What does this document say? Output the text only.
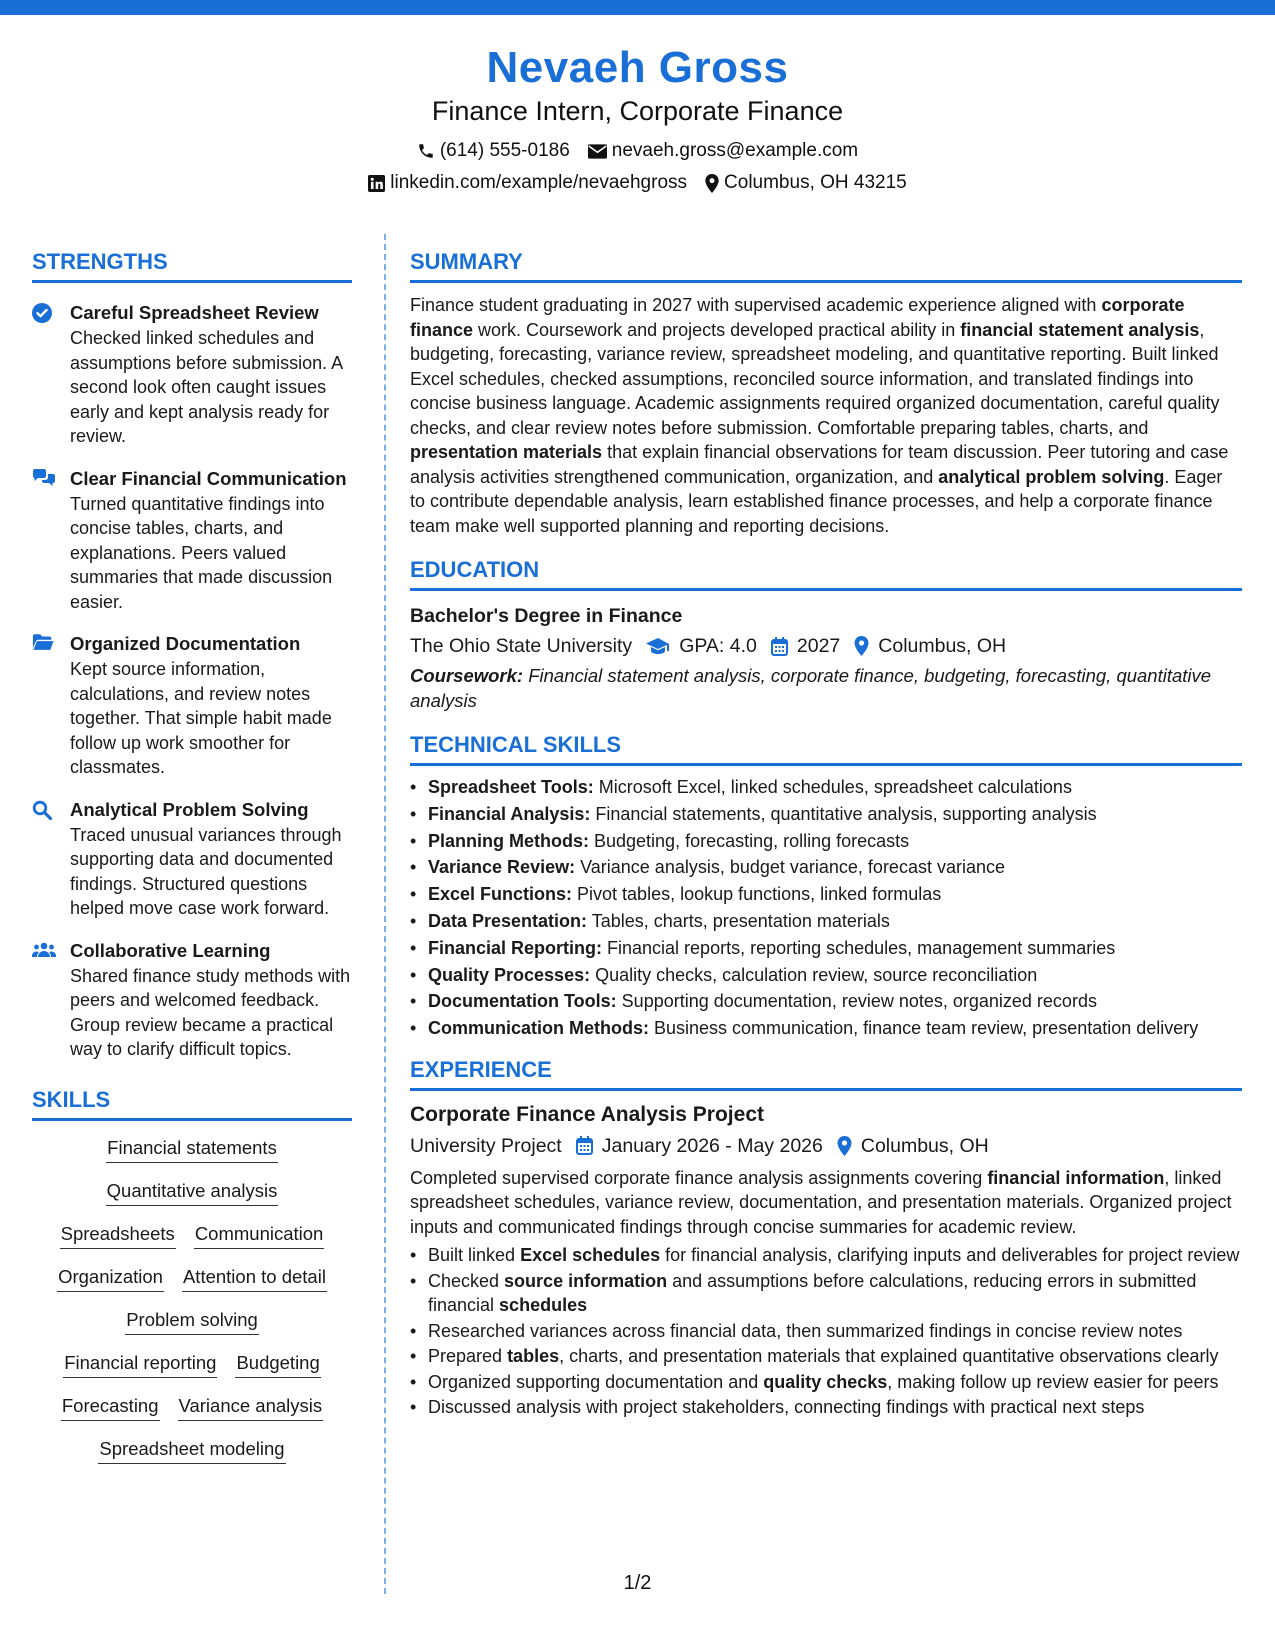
Nevaeh Gross
Finance Intern, Corporate Finance
(614) 555-0186 nevaeh.gross@example.com
linkedin.com/example/nevaehgross Columbus, OH 43215
STRENGTHS
Careful Spreadsheet Review
Checked linked schedules and assumptions before submission. A second look often caught issues early and kept analysis ready for review.
Clear Financial Communication
Turned quantitative findings into concise tables, charts, and explanations. Peers valued summaries that made discussion easier.
Organized Documentation
Kept source information, calculations, and review notes together. That simple habit made follow up work smoother for classmates.
Analytical Problem Solving
Traced unusual variances through supporting data and documented findings. Structured questions helped move case work forward.
Collaborative Learning
Shared finance study methods with peers and welcomed feedback. Group review became a practical way to clarify difficult topics.
SKILLS
Financial statements
Quantitative analysis
Spreadsheets Communication
Organization Attention to detail
Problem solving
Financial reporting Budgeting
Forecasting Variance analysis
Spreadsheet modeling
SUMMARY
Finance student graduating in 2027 with supervised academic experience aligned with corporate finance work. Coursework and projects developed practical ability in financial statement analysis, budgeting, forecasting, variance review, spreadsheet modeling, and quantitative reporting. Built linked Excel schedules, checked assumptions, reconciled source information, and translated findings into concise business language. Academic assignments required organized documentation, careful quality checks, and clear review notes before submission. Comfortable preparing tables, charts, and presentation materials that explain financial observations for team discussion. Peer tutoring and case analysis activities strengthened communication, organization, and analytical problem solving. Eager to contribute dependable analysis, learn established finance processes, and help a corporate finance team make well supported planning and reporting decisions.
EDUCATION
Bachelor's Degree in Finance
The Ohio State University GPA: 4.0 2027 Columbus, OH
Coursework: Financial statement analysis, corporate finance, budgeting, forecasting, quantitative analysis
TECHNICAL SKILLS
• Spreadsheet Tools: Microsoft Excel, linked schedules, spreadsheet calculations
• Financial Analysis: Financial statements, quantitative analysis, supporting analysis
• Planning Methods: Budgeting, forecasting, rolling forecasts
• Variance Review: Variance analysis, budget variance, forecast variance
• Excel Functions: Pivot tables, lookup functions, linked formulas
• Data Presentation: Tables, charts, presentation materials
• Financial Reporting: Financial reports, reporting schedules, management summaries
• Quality Processes: Quality checks, calculation review, source reconciliation
• Documentation Tools: Supporting documentation, review notes, organized records
• Communication Methods: Business communication, finance team review, presentation delivery
EXPERIENCE
Corporate Finance Analysis Project
University Project January 2026 - May 2026 Columbus, OH
Completed supervised corporate finance analysis assignments covering financial information, linked spreadsheet schedules, variance review, documentation, and presentation materials. Organized project inputs and communicated findings through concise summaries for academic review.
• Built linked Excel schedules for financial analysis, clarifying inputs and deliverables for project review
• Checked source information and assumptions before calculations, reducing errors in submitted financial schedules
• Researched variances across financial data, then summarized findings in concise review notes
• Prepared tables, charts, and presentation materials that explained quantitative observations clearly
• Organized supporting documentation and quality checks, making follow up review easier for peers
• Discussed analysis with project stakeholders, connecting findings with practical next steps
1/2
